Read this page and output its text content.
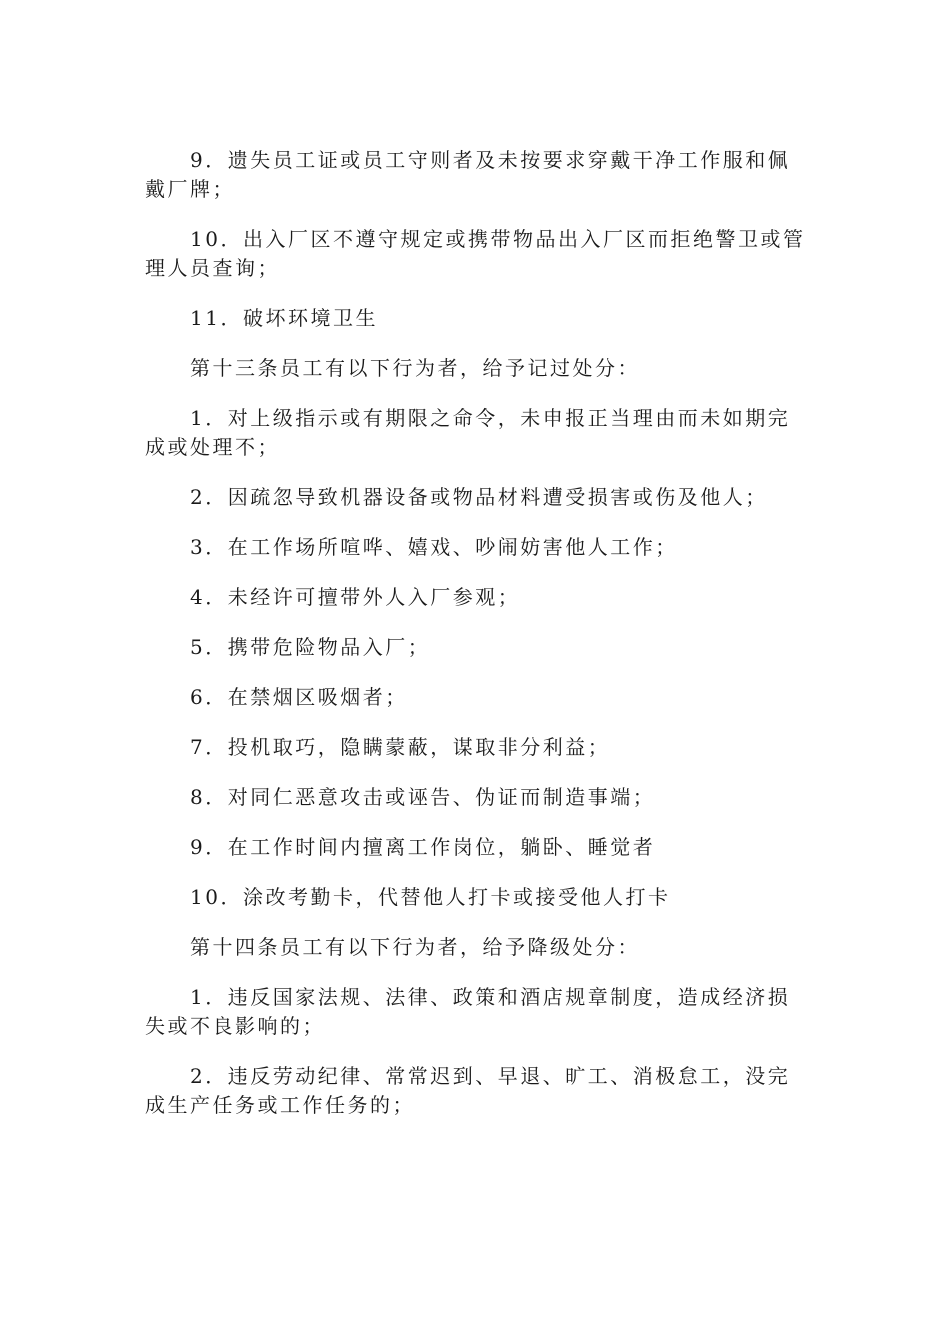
9．遗失员工证或员工守则者及未按要求穿戴干净工作服和佩戴厂牌；

10．出入厂区不遵守规定或携带物品出入厂区而拒绝警卫或管理人员查询；

11．破坏环境卫生

第十三条员工有以下行为者，给予记过处分：

1．对上级指示或有期限之命令，未申报正当理由而未如期完成或处理不；

2．因疏忽导致机器设备或物品材料遭受损害或伤及他人；

3．在工作场所喧哗、嬉戏、吵闹妨害他人工作；

4．未经许可擅带外人入厂参观；

5．携带危险物品入厂；

6．在禁烟区吸烟者；

7．投机取巧，隐瞒蒙蔽，谋取非分利益；

8．对同仁恶意攻击或诬告、伪证而制造事端；

9．在工作时间内擅离工作岗位，躺卧、睡觉者

10．涂改考勤卡，代替他人打卡或接受他人打卡

第十四条员工有以下行为者，给予降级处分：

1．违反国家法规、法律、政策和酒店规章制度，造成经济损失或不良影响的；

2．违反劳动纪律、常常迟到、早退、旷工、消极怠工，没完成生产任务或工作任务的；
